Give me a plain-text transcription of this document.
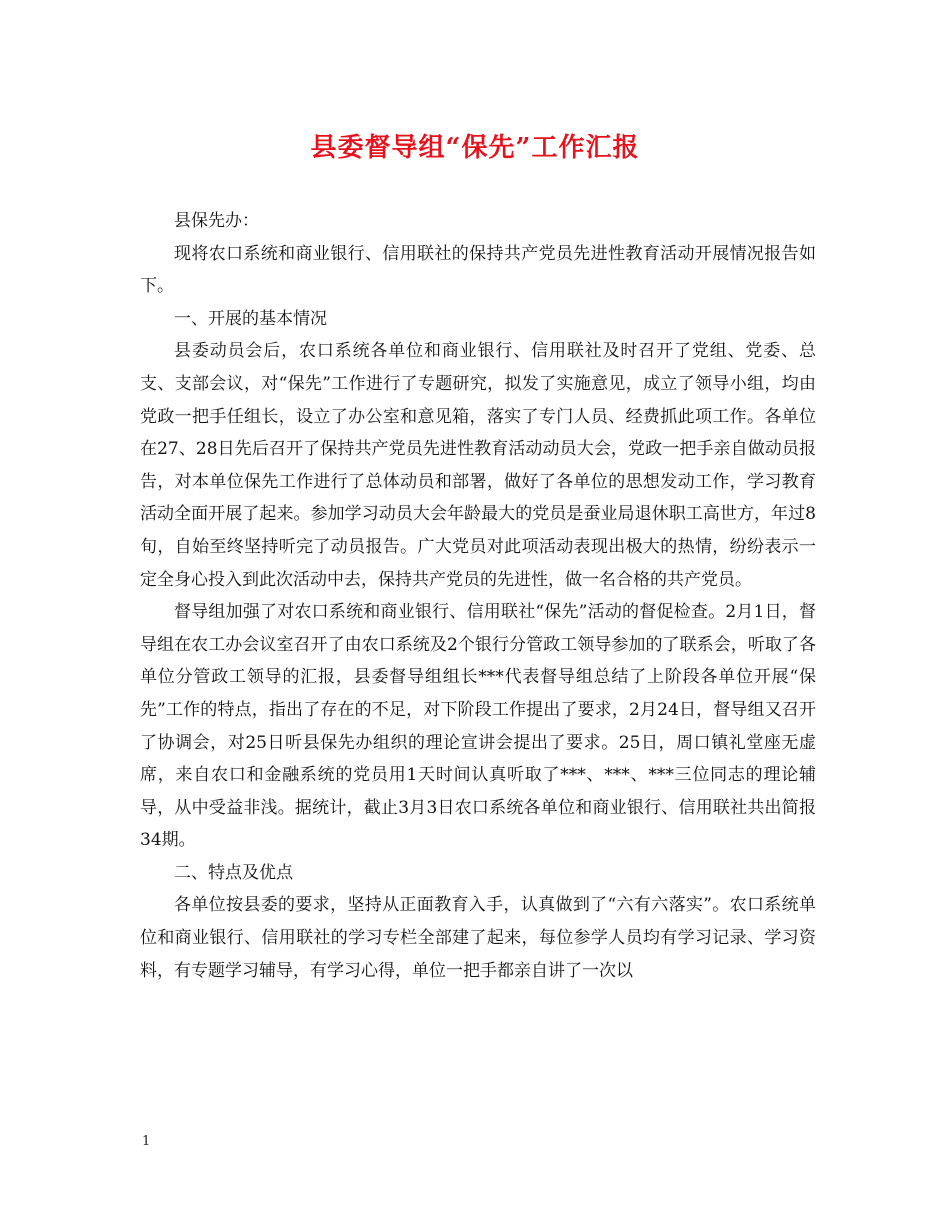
县委督导组“保先”工作汇报

县保先办：

现将农口系统和商业银行、信用联社的保持共产党员先进性教育活动开展情况报告如下。

一、开展的基本情况

县委动员会后，农口系统各单位和商业银行、信用联社及时召开了党组、党委、总支、支部会议，对“保先”工作进行了专题研究，拟发了实施意见，成立了领导小组，均由党政一把手任组长，设立了办公室和意见箱，落实了专门人员、经费抓此项工作。各单位在27、28日先后召开了保持共产党员先进性教育活动动员大会，党政一把手亲自做动员报告，对本单位保先工作进行了总体动员和部署，做好了各单位的思想发动工作，学习教育活动全面开展了起来。参加学习动员大会年龄最大的党员是蚕业局退休职工高世方，年过8旬，自始至终坚持听完了动员报告。广大党员对此项活动表现出极大的热情，纷纷表示一定全身心投入到此次活动中去，保持共产党员的先进性，做一名合格的共产党员。

督导组加强了对农口系统和商业银行、信用联社“保先”活动的督促检查。2月1日，督导组在农工办会议室召开了由农口系统及2个银行分管政工领导参加的了联系会，听取了各单位分管政工领导的汇报，县委督导组组长***代表督导组总结了上阶段各单位开展“保先”工作的特点，指出了存在的不足，对下阶段工作提出了要求，2月24日，督导组又召开了协调会，对25日听县保先办组织的理论宣讲会提出了要求。25日，周口镇礼堂座无虚席，来自农口和金融系统的党员用1天时间认真听取了***、***、***三位同志的理论辅导，从中受益非浅。据统计，截止3月3日农口系统各单位和商业银行、信用联社共出简报34期。

二、特点及优点

各单位按县委的要求，坚持从正面教育入手，认真做到了“六有六落实”。农口系统单位和商业银行、信用联社的学习专栏全部建了起来，每位参学人员均有学习记录、学习资料，有专题学习辅导，有学习心得，单位一把手都亲自讲了一次以

1
